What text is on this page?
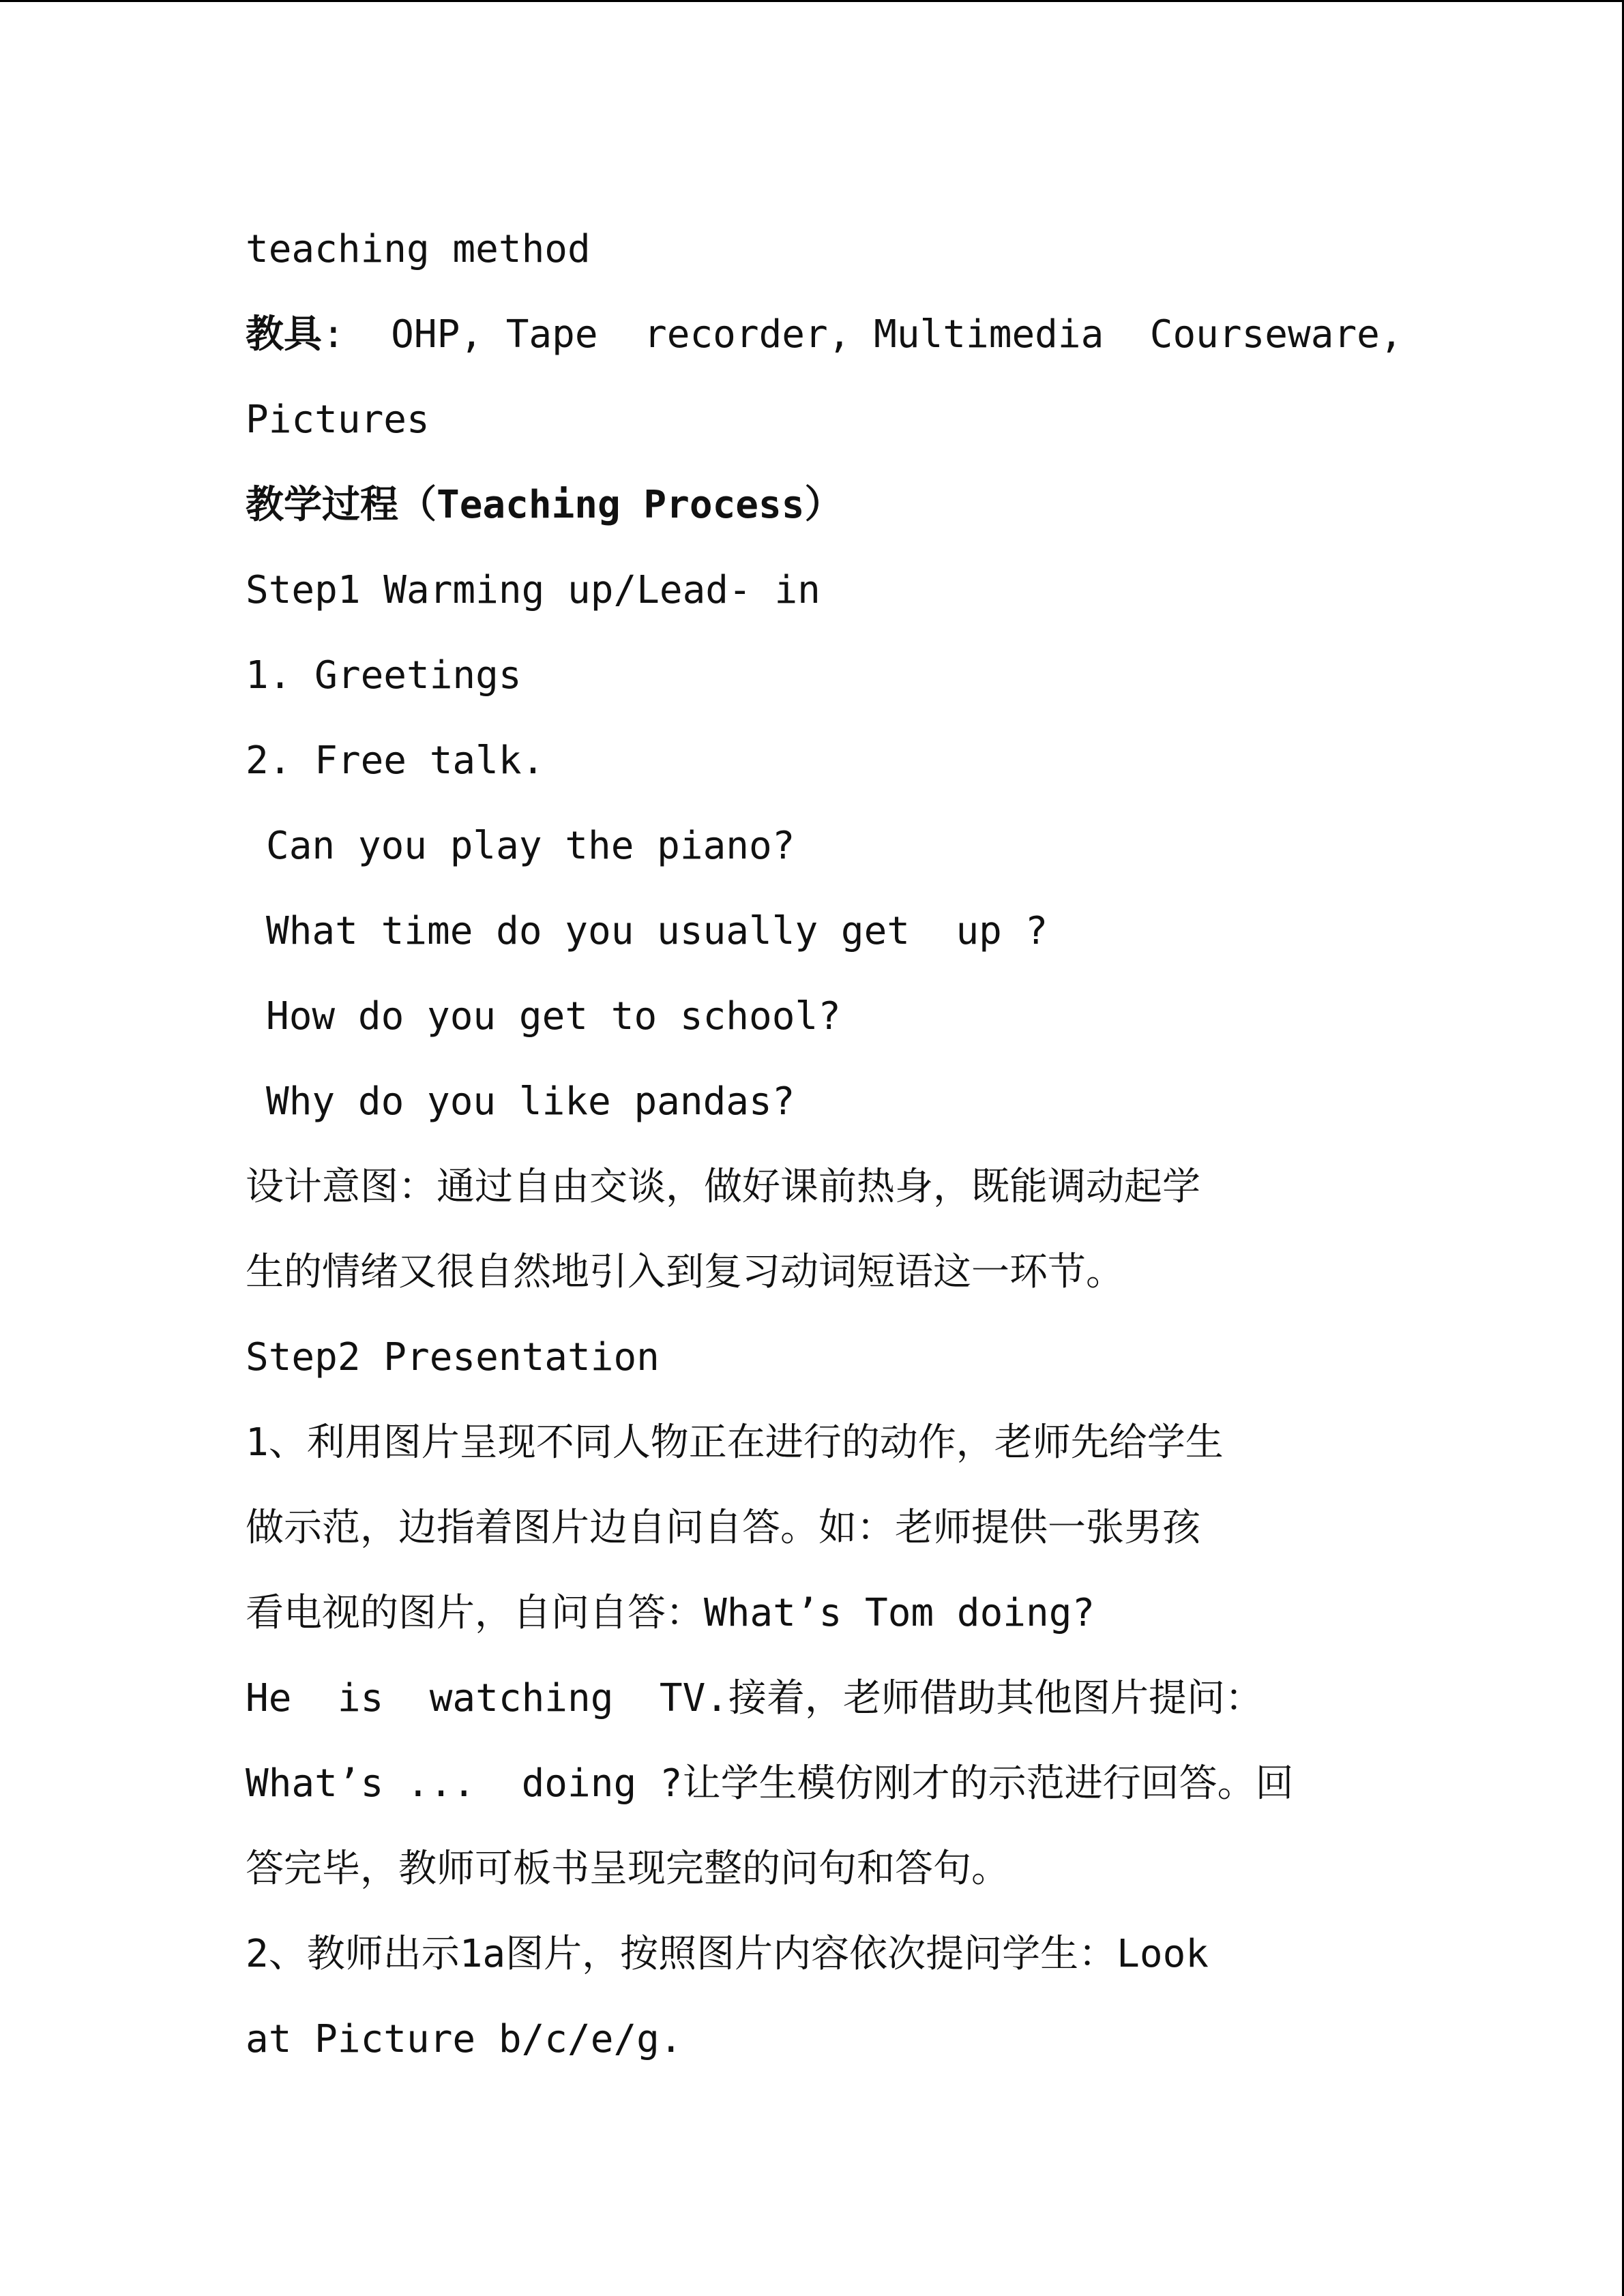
teaching method
教具:  OHP, Tape  recorder, Multimedia  Courseware,
Pictures
教学过程（Teaching Process）
Step1 Warming up/Lead- in
1. Greetings
2. Free talk.
Can you play the piano?
What time do you usually get  up ?
How do you get to school?
Why do you like pandas?
设计意图：通过自由交谈，做好课前热身，既能调动起学
生的情绪又很自然地引入到复习动词短语这一环节。
Step2 Presentation
1、利用图片呈现不同人物正在进行的动作，老师先给学生
做示范，边指着图片边自问自答。如：老师提供一张男孩
看电视的图片，自问自答：What’s Tom doing?
He  is  watching  TV.接着，老师借助其他图片提问：
What’s ...  doing ?让学生模仿刚才的示范进行回答。回
答完毕，教师可板书呈现完整的问句和答句。
2、教师出示1a图片，按照图片内容依次提问学生：Look
at Picture b/c/e/g.
